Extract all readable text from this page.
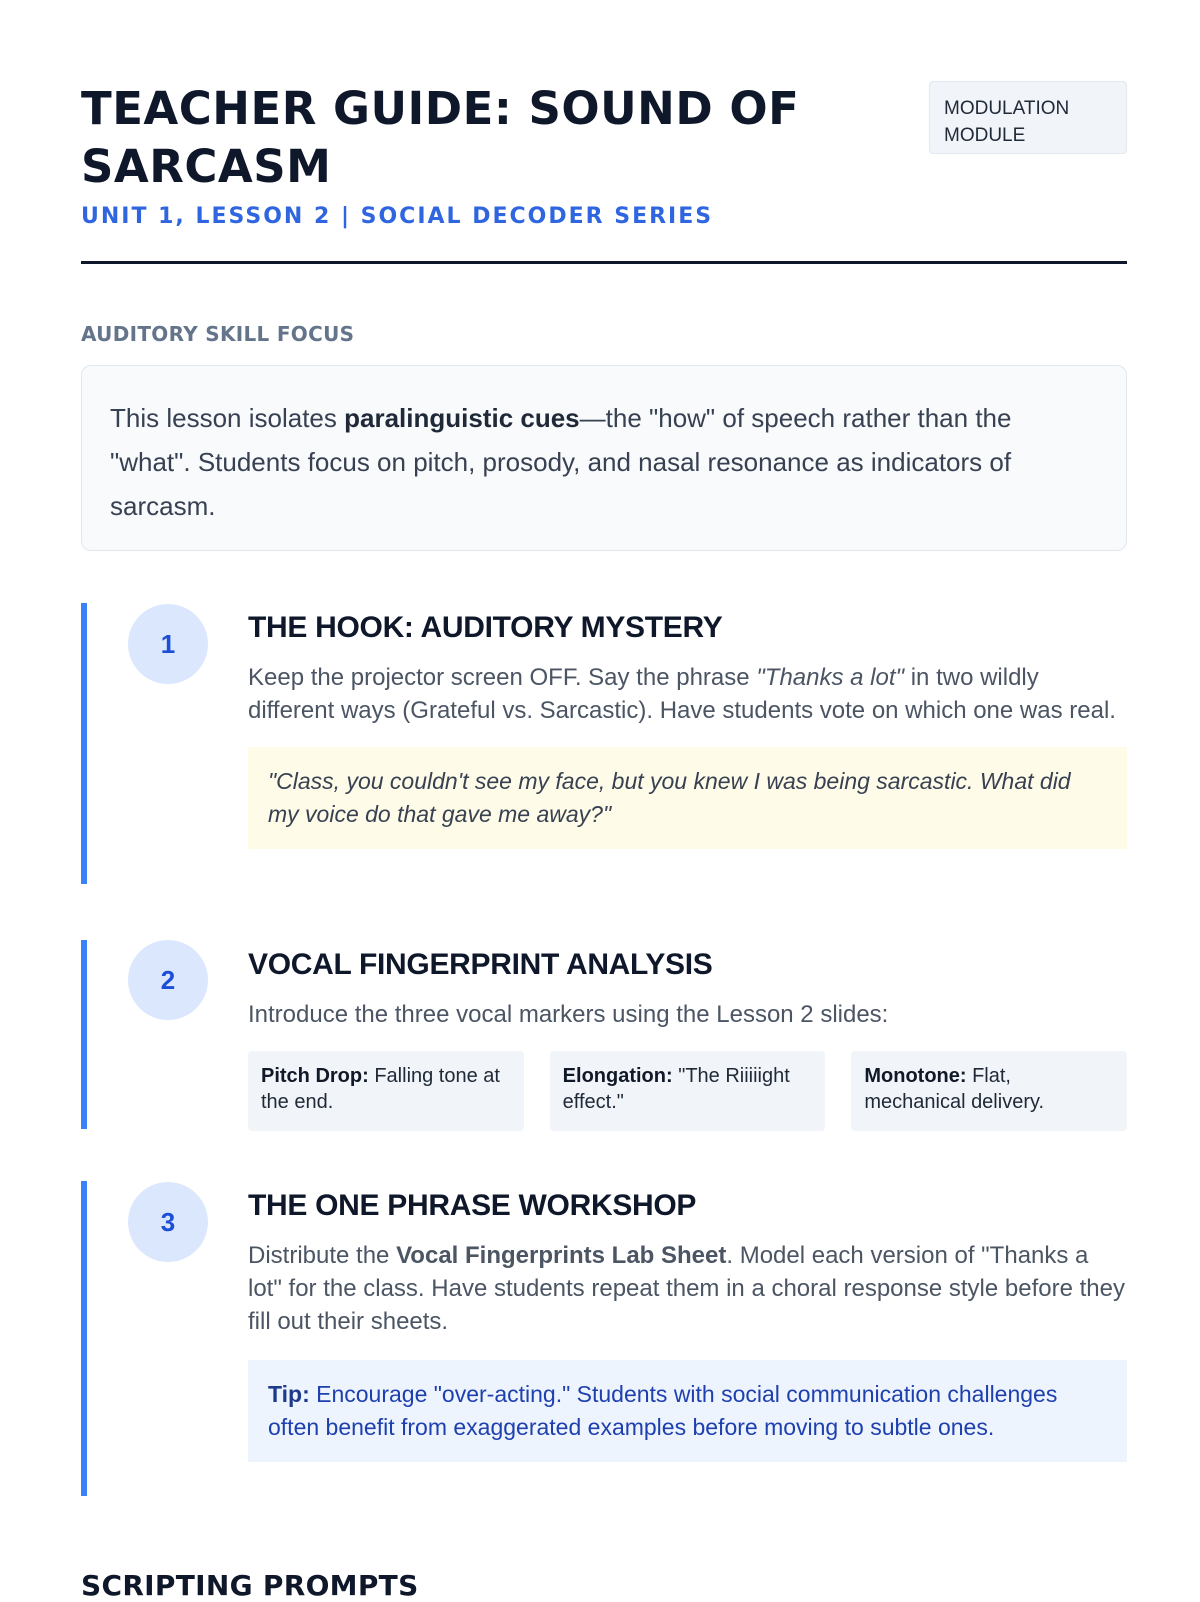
TEACHER GUIDE: SOUND OF SARCASM
MODULATION MODULE

UNIT 1, LESSON 2 | SOCIAL DECODER SERIES

AUDITORY SKILL FOCUS
This lesson isolates paralinguistic cues—the "how" of speech rather than the "what". Students focus on pitch, prosody, and nasal resonance as indicators of sarcasm.
1	THE HOOK: AUDITORY MYSTERY

Keep the projector screen OFF. Say the phrase "Thanks a lot" in two wildly different ways (Grateful vs. Sarcastic). Have students vote on which one was real.

"Class, you couldn't see my face, but you knew I was being sarcastic. What did my voice do that gave me away?"
2	VOCAL FINGERPRINT ANALYSIS

Introduce the three vocal markers using the Lesson 2 slides:

Pitch Drop: Falling tone at the end.
Elongation: "The Riiiiight effect."
Monotone: Flat, mechanical delivery.
3	THE ONE PHRASE WORKSHOP

Distribute the Vocal Fingerprints Lab Sheet. Model each version of "Thanks a lot" for the class. Have students repeat them in a choral response style before they fill out their sheets.

Tip: Encourage "over-acting." Students with social communication challenges often benefit from exaggerated examples before moving to subtle ones.
SCRIPTING PROMPTS
